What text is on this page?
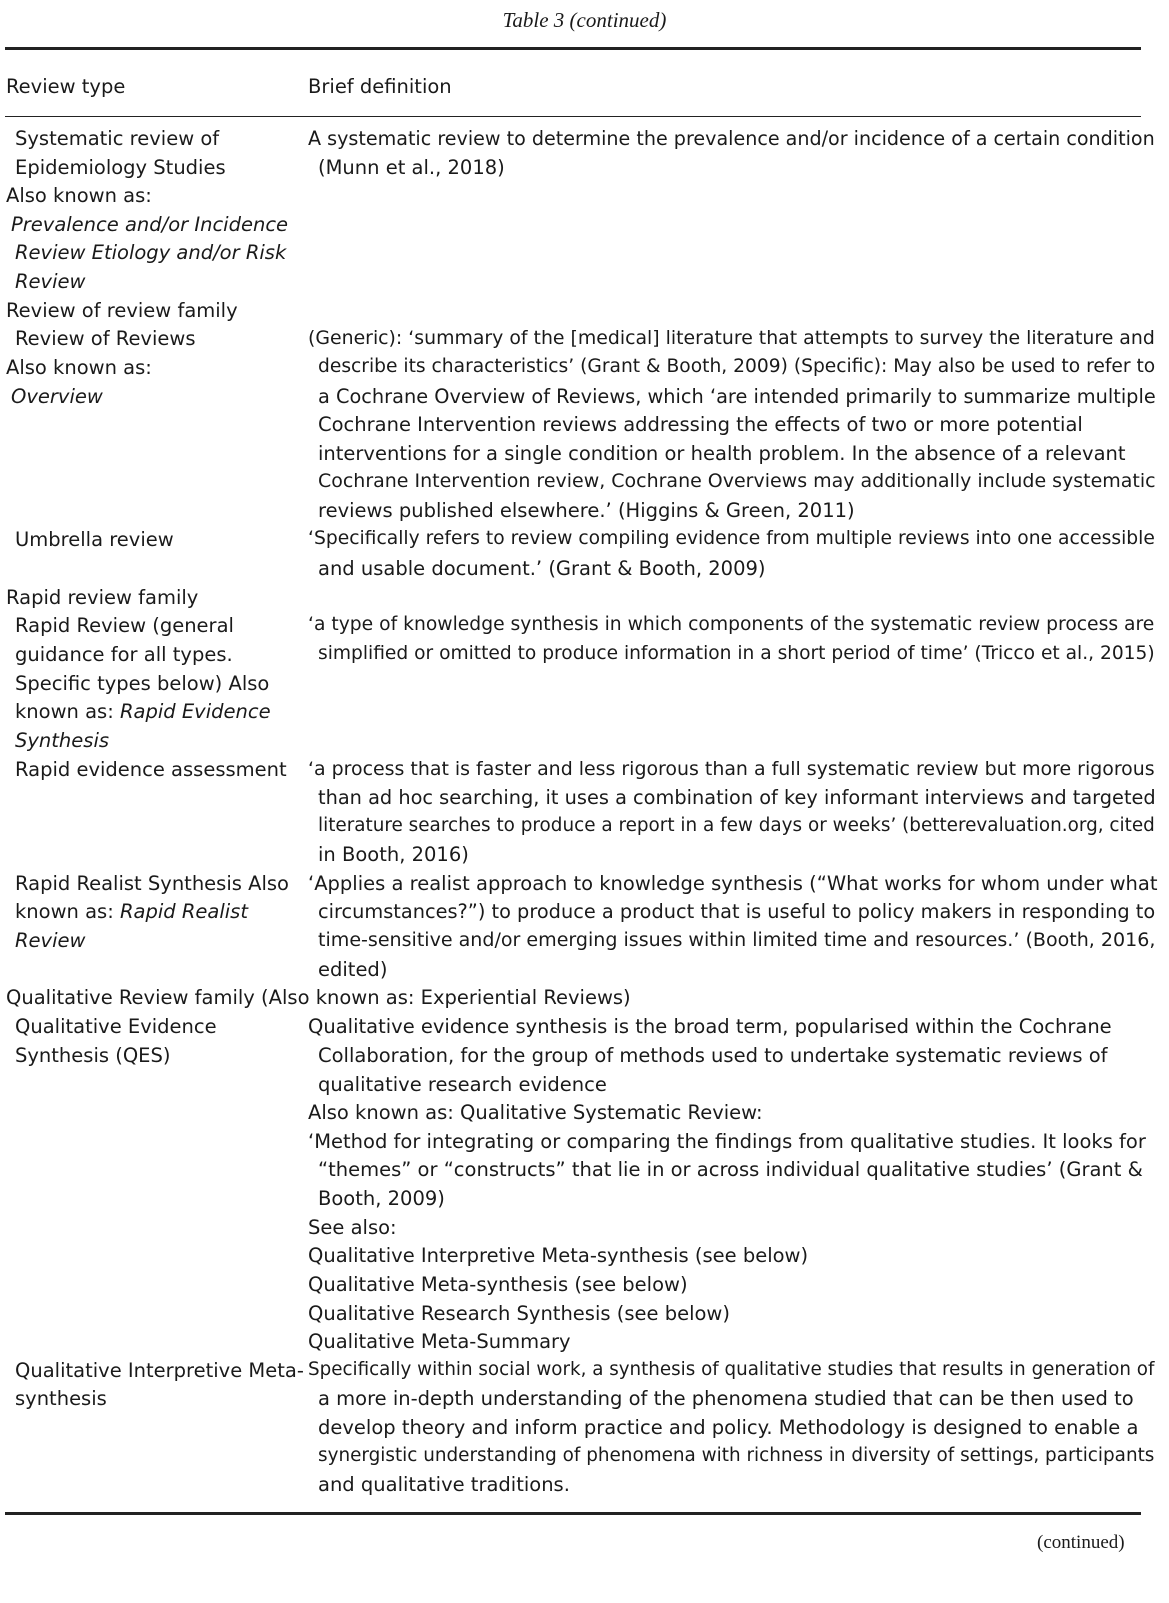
Table 3 (continued)
Review type	Brief definition
Systematic review of
Epidemiology Studies
Also known as:
Prevalence and/or Incidence
Review Etiology and/or Risk
Review
Review of review family
Review of Reviews
Also known as:
Overview
Umbrella review
Rapid review family
Rapid Review (general
guidance for all types.
Specific types below) Also
known as: Rapid Evidence
Synthesis
Rapid evidence assessment
Rapid Realist Synthesis Also
known as: Rapid Realist
Review
Qualitative Review family (Also known as: Experiential Reviews)
Qualitative Evidence
Synthesis (QES)
Qualitative Interpretive Meta-
synthesis
A systematic review to determine the prevalence and/or incidence of a certain condition
(Munn et al., 2018)
(Generic): ‘summary of the [medical] literature that attempts to survey the literature and
describe its characteristics’ (Grant & Booth, 2009) (Specific): May also be used to refer to
a Cochrane Overview of Reviews, which ‘are intended primarily to summarize multiple
Cochrane Intervention reviews addressing the effects of two or more potential
interventions for a single condition or health problem. In the absence of a relevant
Cochrane Intervention review, Cochrane Overviews may additionally include systematic
reviews published elsewhere.’ (Higgins & Green, 2011)
‘Specifically refers to review compiling evidence from multiple reviews into one accessible
and usable document.’ (Grant & Booth, 2009)
‘a type of knowledge synthesis in which components of the systematic review process are
simplified or omitted to produce information in a short period of time’ (Tricco et al., 2015)
‘a process that is faster and less rigorous than a full systematic review but more rigorous
than ad hoc searching, it uses a combination of key informant interviews and targeted
literature searches to produce a report in a few days or weeks’ (betterevaluation.org, cited
in Booth, 2016)
‘Applies a realist approach to knowledge synthesis (“What works for whom under what
circumstances?”) to produce a product that is useful to policy makers in responding to
time-sensitive and/or emerging issues within limited time and resources.’ (Booth, 2016,
edited)
Qualitative evidence synthesis is the broad term, popularised within the Cochrane
Collaboration, for the group of methods used to undertake systematic reviews of
qualitative research evidence
Also known as: Qualitative Systematic Review:
‘Method for integrating or comparing the findings from qualitative studies. It looks for
“themes” or “constructs” that lie in or across individual qualitative studies’ (Grant &
Booth, 2009)
See also:
Qualitative Interpretive Meta-synthesis (see below)
Qualitative Meta-synthesis (see below)
Qualitative Research Synthesis (see below)
Qualitative Meta-Summary
Specifically within social work, a synthesis of qualitative studies that results in generation of
a more in-depth understanding of the phenomena studied that can be then used to
develop theory and inform practice and policy. Methodology is designed to enable a
synergistic understanding of phenomena with richness in diversity of settings, participants
and qualitative traditions.
(continued)
